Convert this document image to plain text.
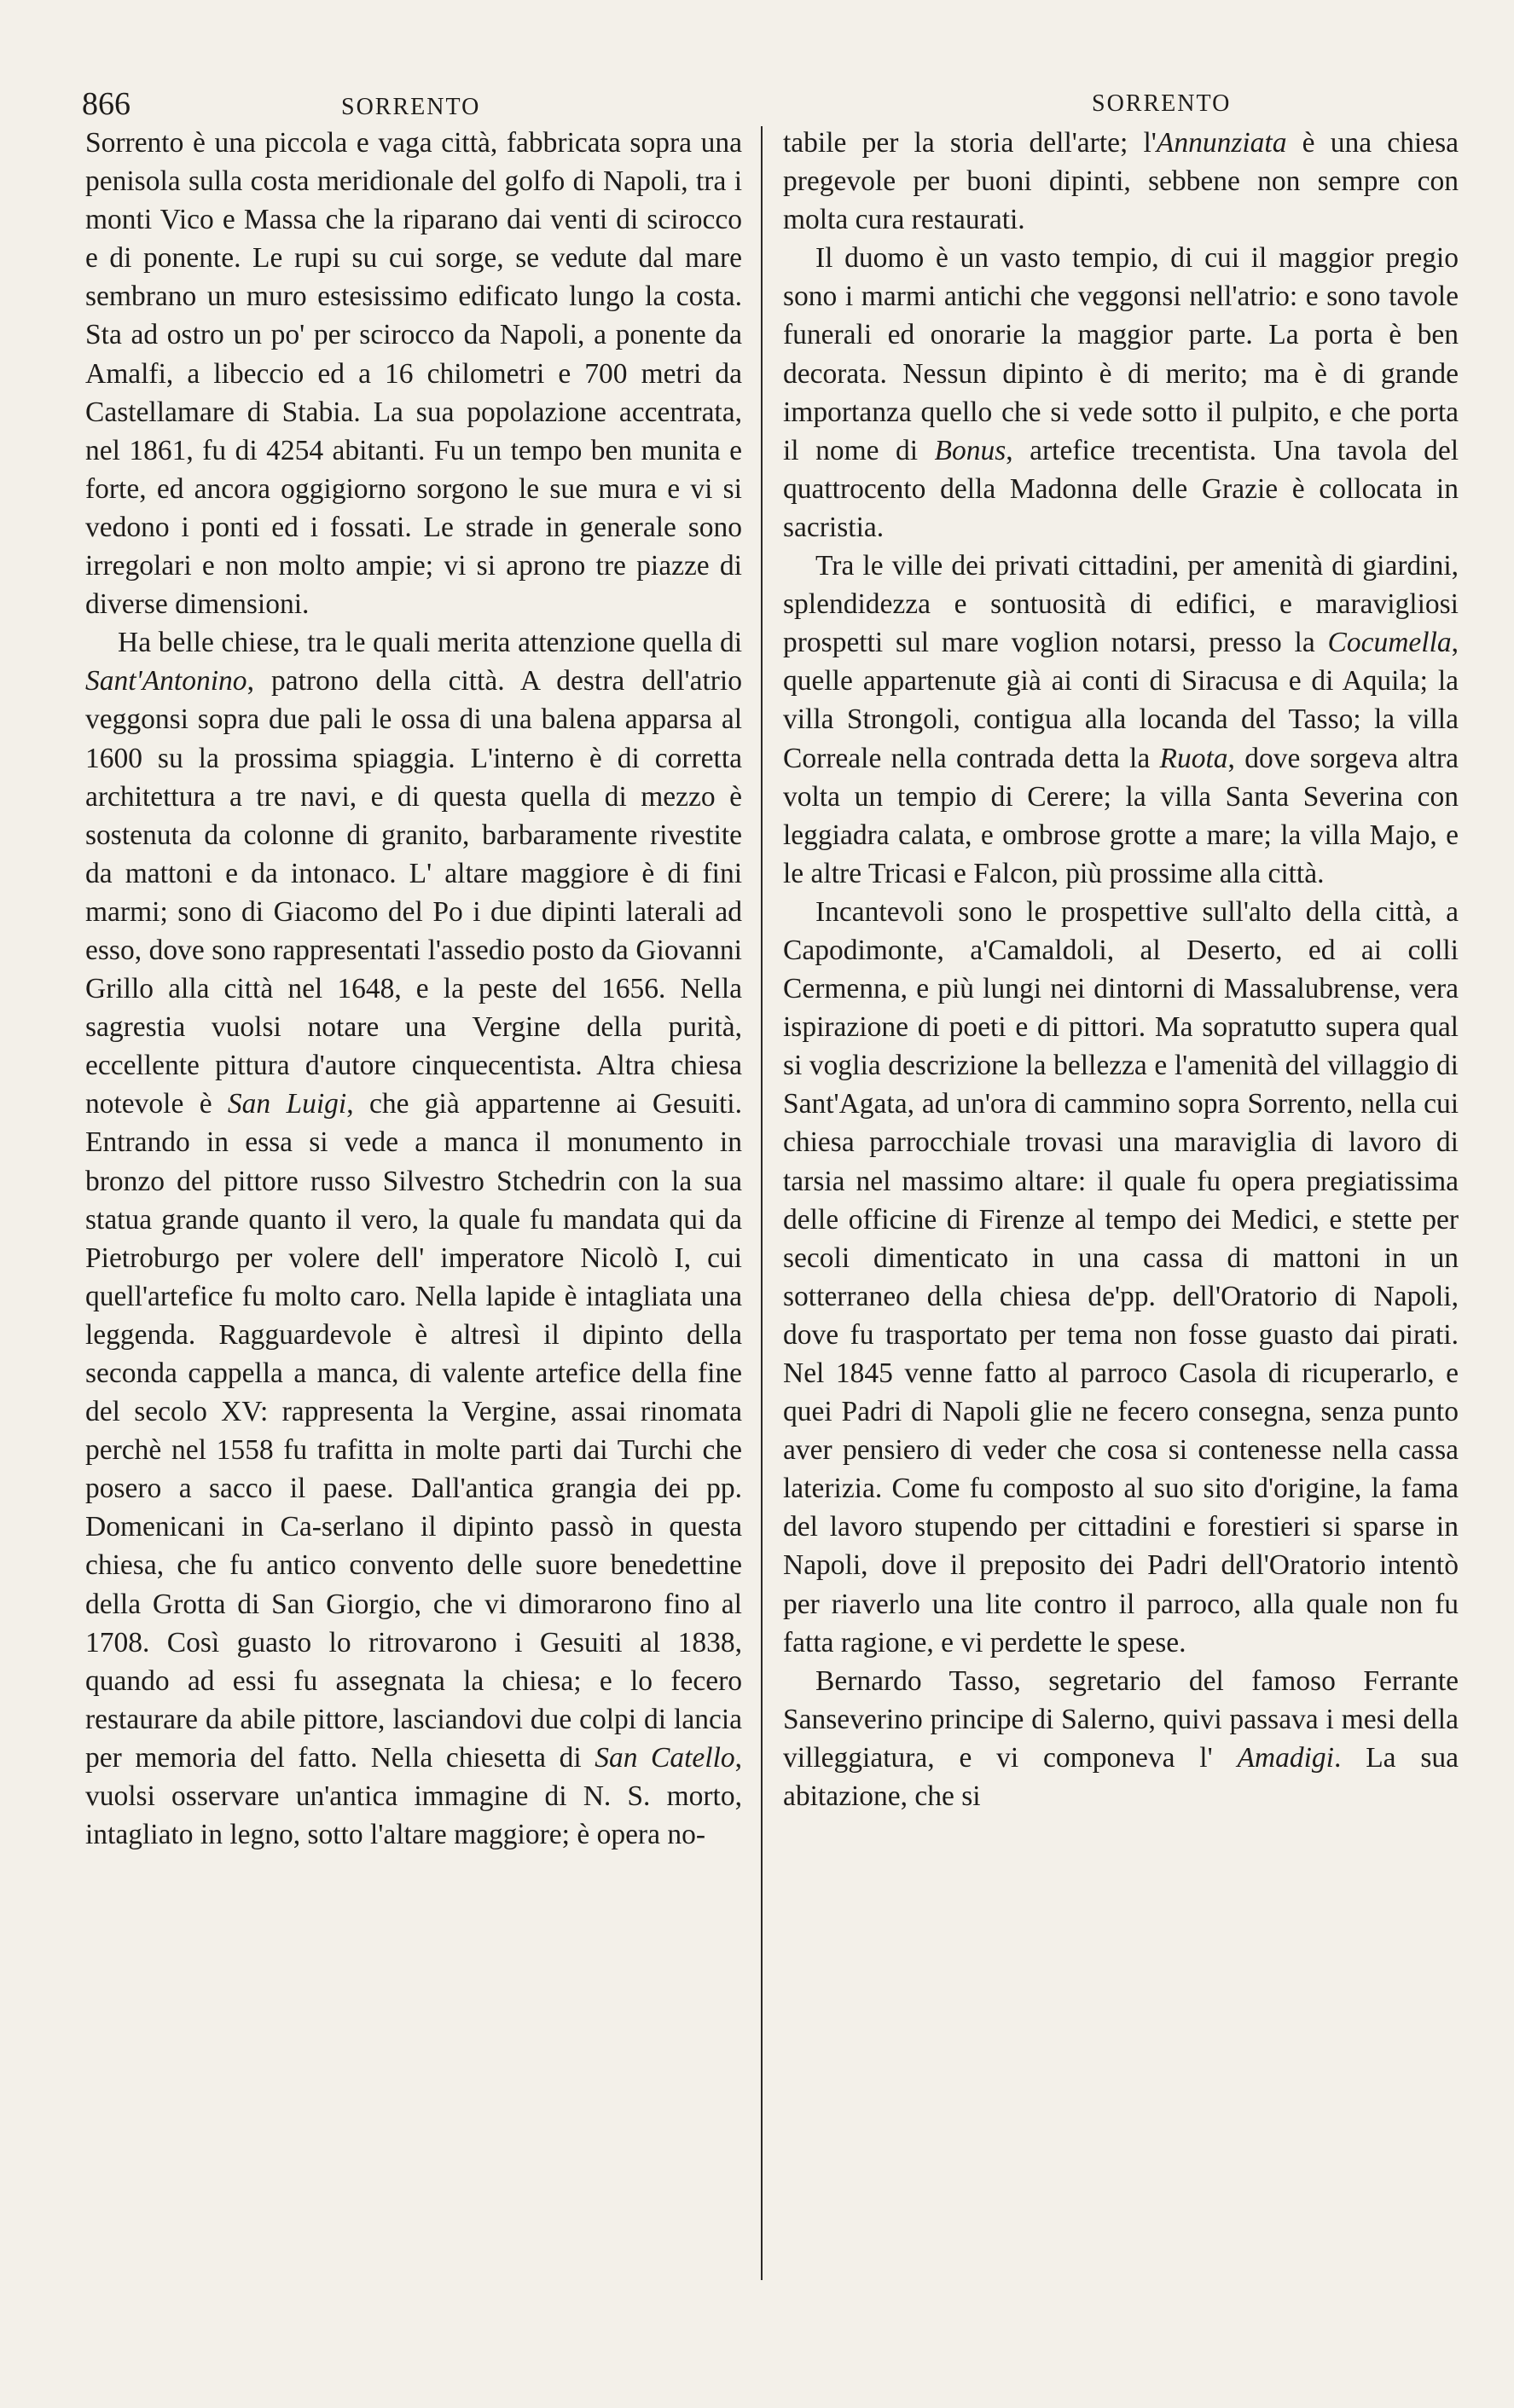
866	SORRENTO	SORRENTO

Sorrento è una piccola e vaga città, fabbricata sopra una penisola sulla costa meridionale del golfo di Napoli, tra i monti Vico e Massa che la riparano dai venti di scirocco e di ponente. Le rupi su cui sorge, se vedute dal mare sembrano un muro estesissimo edificato lungo la costa. Sta ad ostro un po' per scirocco da Napoli, a ponente da Amalfi, a libeccio ed a 16 chilometri e 700 metri da Castellamare di Stabia. La sua popolazione accentrata, nel 1861, fu di 4254 abitanti. Fu un tempo ben munita e forte, ed ancora oggigiorno sorgono le sue mura e vi si vedono i ponti ed i fossati. Le strade in generale sono irregolari e non molto ampie; vi si aprono tre piazze di diverse dimensioni.

Ha belle chiese, tra le quali merita attenzione quella di Sant'Antonino, patrono della città. A destra dell'atrio veggonsi sopra due pali le ossa di una balena apparsa al 1600 su la prossima spiaggia. L'interno è di corretta architettura a tre navi, e di questa quella di mezzo è sostenuta da colonne di granito, barbaramente rivestite da mattoni e da intonaco. L' altare maggiore è di fini marmi; sono di Giacomo del Po i due dipinti laterali ad esso, dove sono rappresentati l'assedio posto da Giovanni Grillo alla città nel 1648, e la peste del 1656. Nella sagrestia vuolsi notare una Vergine della purità, eccellente pittura d'autore cinquecentista. Altra chiesa notevole è San Luigi, che già appartenne ai Gesuiti. Entrando in essa si vede a manca il monumento in bronzo del pittore russo Silvestro Stchedrin con la sua statua grande quanto il vero, la quale fu mandata qui da Pietroburgo per volere dell' imperatore Nicolò I, cui quell'artefice fu molto caro. Nella lapide è intagliata una leggenda. Ragguardevole è altresì il dipinto della seconda cappella a manca, di valente artefice della fine del secolo XV: rappresenta la Vergine, assai rinomata perchè nel 1558 fu trafitta in molte parti dai Turchi che posero a sacco il paese. Dall'antica grangia dei pp. Domenicani in Ca-serlano il dipinto passò in questa chiesa, che fu antico convento delle suore benedettine della Grotta di San Giorgio, che vi dimorarono fino al 1708. Così guasto lo ritrovarono i Gesuiti al 1838, quando ad essi fu assegnata la chiesa; e lo fecero restaurare da abile pittore, lasciandovi due colpi di lancia per memoria del fatto. Nella chiesetta di San Catello, vuolsi osservare un'antica immagine di N. S. morto, intagliato in legno, sotto l'altare maggiore; è opera no-

tabile per la storia dell'arte; l'Annunziata è una chiesa pregevole per buoni dipinti, sebbene non sempre con molta cura restaurati.

Il duomo è un vasto tempio, di cui il maggior pregio sono i marmi antichi che veggonsi nell'atrio: e sono tavole funerali ed onorarie la maggior parte. La porta è ben decorata. Nessun dipinto è di merito; ma è di grande importanza quello che si vede sotto il pulpito, e che porta il nome di Bonus, artefice trecentista. Una tavola del quattrocento della Madonna delle Grazie è collocata in sacristia.

Tra le ville dei privati cittadini, per amenità di giardini, splendidezza e sontuosità di edifici, e maravigliosi prospetti sul mare voglion notarsi, presso la Cocumella, quelle appartenute già ai conti di Siracusa e di Aquila; la villa Strongoli, contigua alla locanda del Tasso; la villa Correale nella contrada detta la Ruota, dove sorgeva altra volta un tempio di Cerere; la villa Santa Severina con leggiadra calata, e ombrose grotte a mare; la villa Majo, e le altre Tricasi e Falcon, più prossime alla città.

Incantevoli sono le prospettive sull'alto della città, a Capodimonte, a'Camaldoli, al Deserto, ed ai colli Cermenna, e più lungi nei dintorni di Massalubrense, vera ispirazione di poeti e di pittori. Ma sopratutto supera qual si voglia descrizione la bellezza e l'amenità del villaggio di Sant'Agata, ad un'ora di cammino sopra Sorrento, nella cui chiesa parrocchiale trovasi una maraviglia di lavoro di tarsia nel massimo altare: il quale fu opera pregiatissima delle officine di Firenze al tempo dei Medici, e stette per secoli dimenticato in una cassa di mattoni in un sotterraneo della chiesa de'pp. dell'Oratorio di Napoli, dove fu trasportato per tema non fosse guasto dai pirati. Nel 1845 venne fatto al parroco Casola di ricuperarlo, e quei Padri di Napoli glie ne fecero consegna, senza punto aver pensiero di veder che cosa si contenesse nella cassa laterizia. Come fu composto al suo sito d'origine, la fama del lavoro stupendo per cittadini e forestieri si sparse in Napoli, dove il preposito dei Padri dell'Oratorio intentò per riaverlo una lite contro il parroco, alla quale non fu fatta ragione, e vi perdette le spese.

Bernardo Tasso, segretario del famoso Ferrante Sanseverino principe di Salerno, quivi passava i mesi della villeggiatura, e vi componeva l' Amadigi. La sua abitazione, che si
